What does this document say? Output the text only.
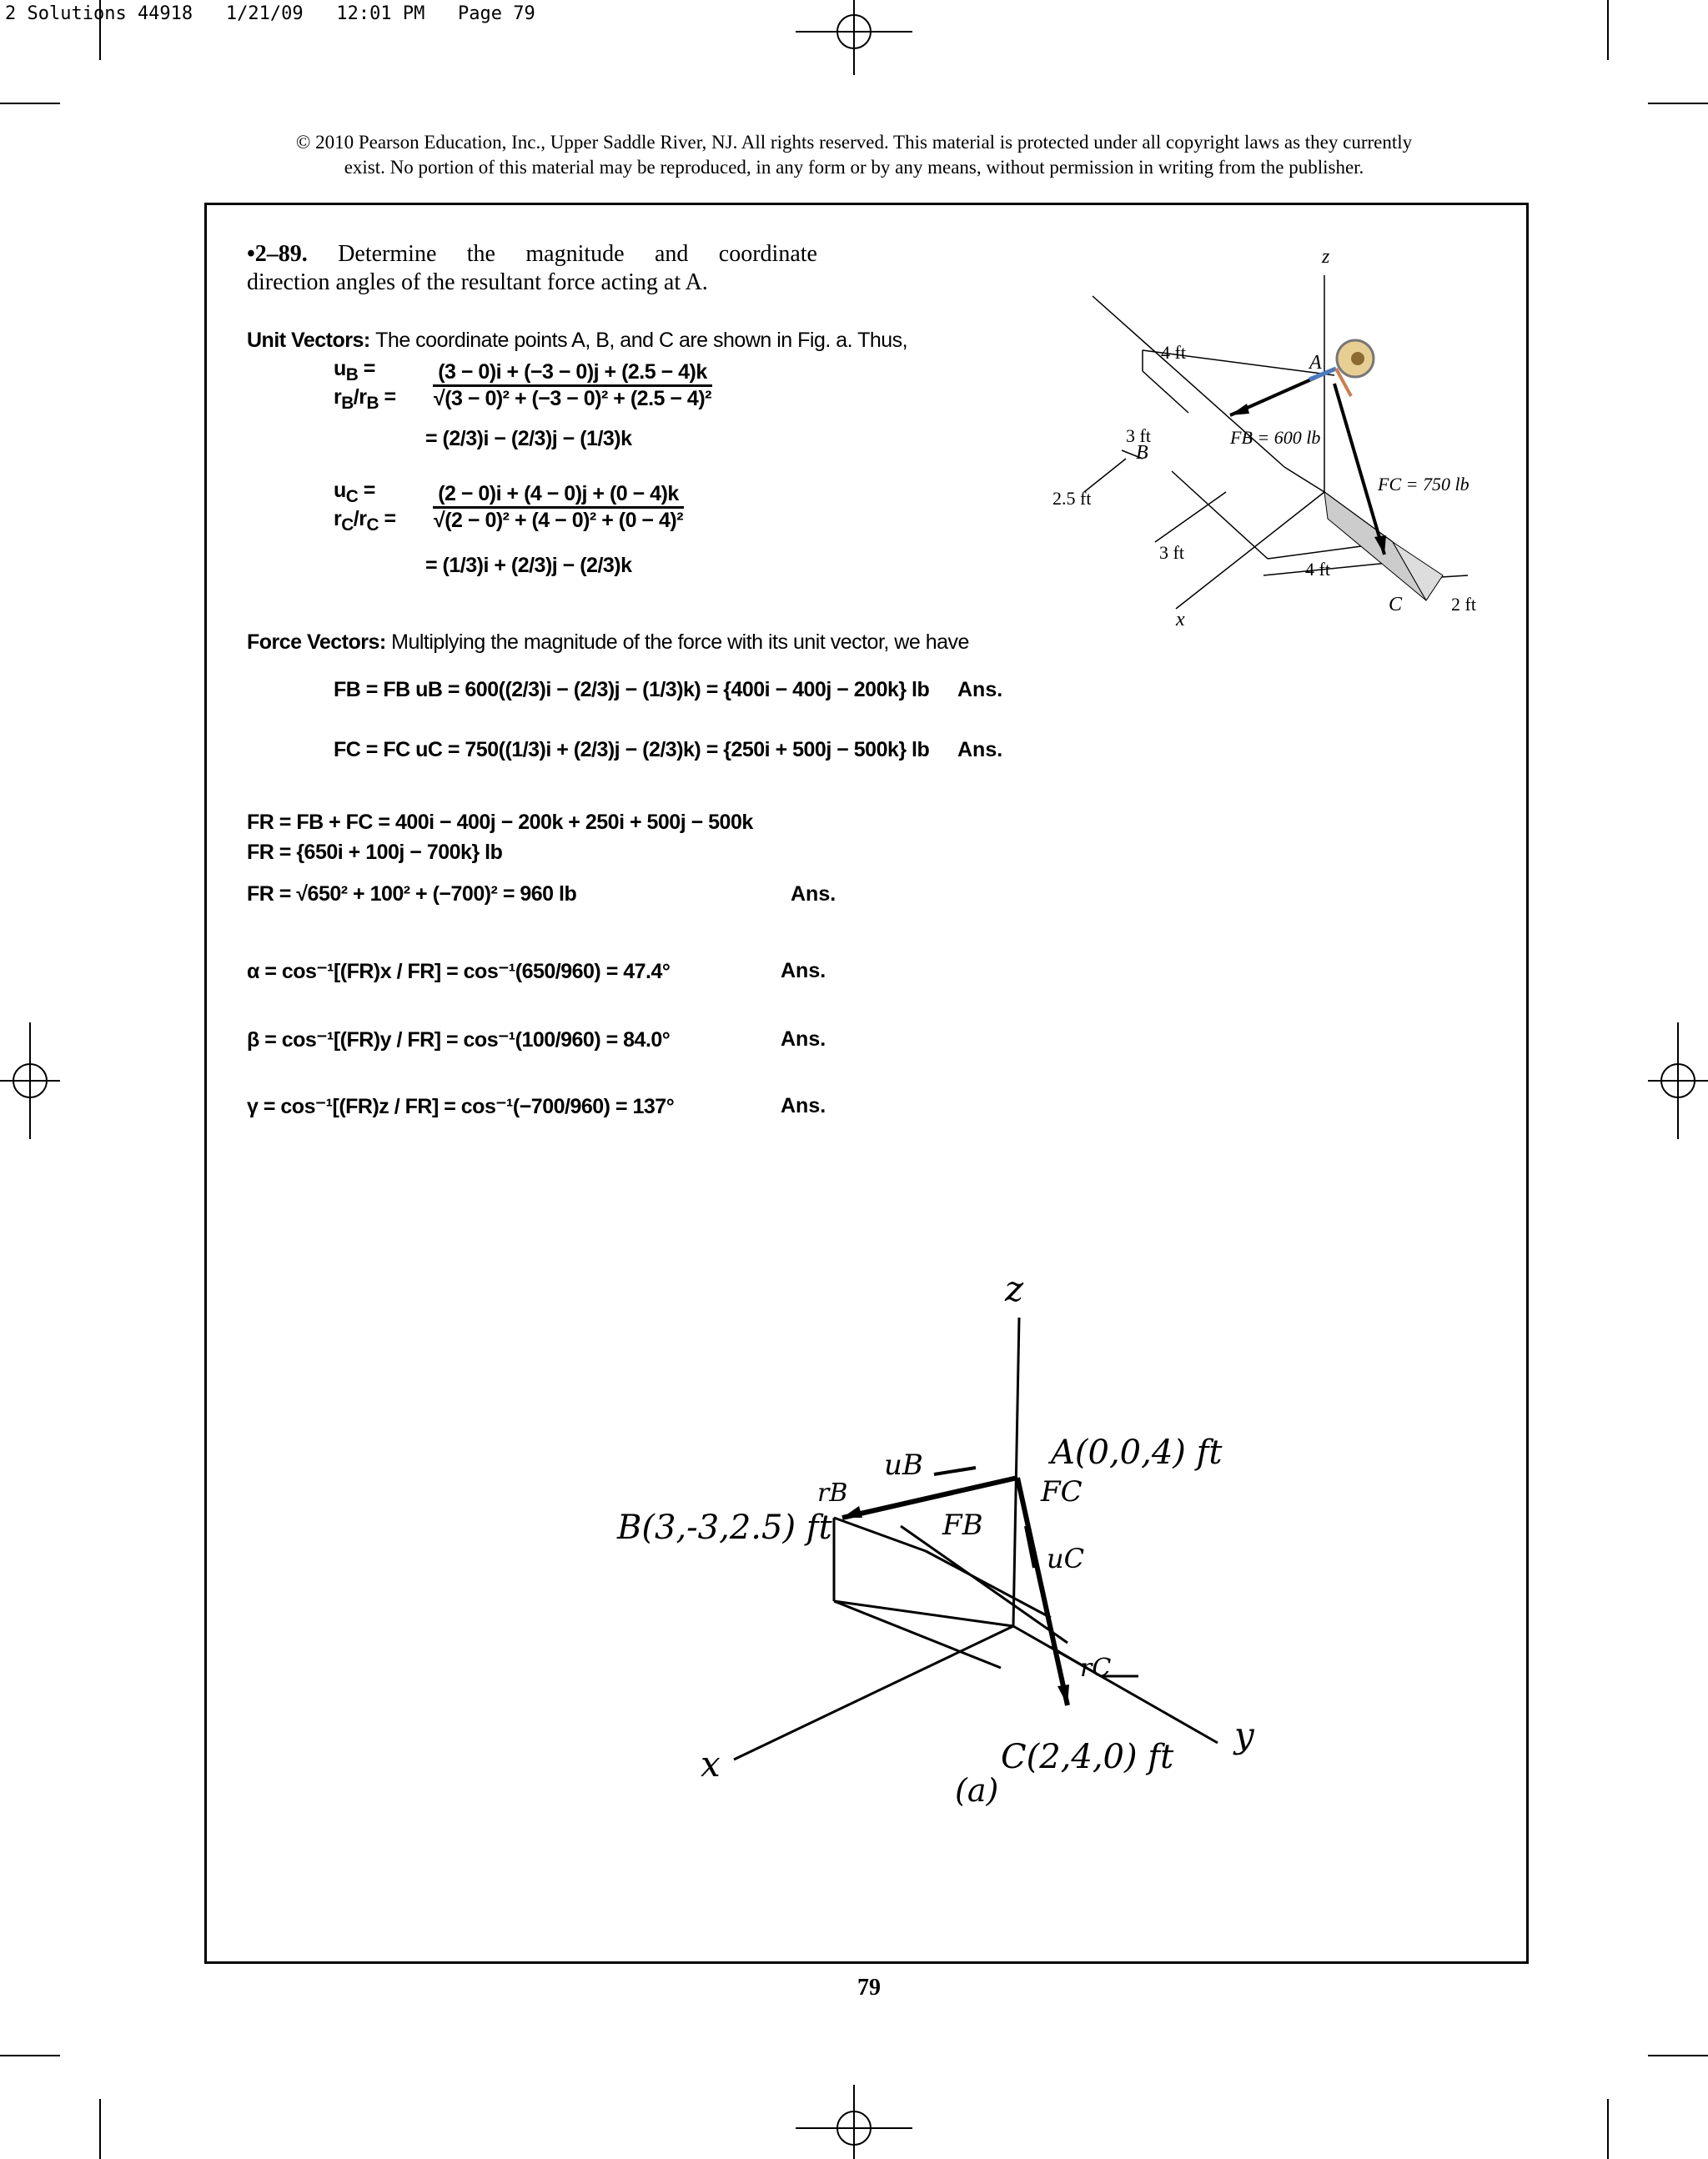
2 Solutions 44918   1/21/09   12:01 PM   Page 79
© 2010 Pearson Education, Inc., Upper Saddle River, NJ. All rights reserved. This material is protected under all copyright laws as they currently
exist. No portion of this material may be reproduced, in any form or by any means, without permission in writing from the publisher.
•2–89. Determine the magnitude and coordinate
direction angles of the resultant force acting at A.
z
x
A
B
C
4 ft
3 ft
2.5 ft
3 ft
4 ft
2 ft
FB = 600 lb
FC = 750 lb
Unit Vectors: The coordinate points A, B, and C are shown in Fig. a. Thus,
$u_B = r_B/r_B$ =	$\frac{(3 - 0)i + (-3 - 0)j + (2.5 - 4)k}{\text{√(3 − 0)² + (−3 − 0)² + (2.5 − 4)²}}$
= (2/3)i − (2/3)j − (1/3)k
$u_C = r_C/r_C$ =	$\frac{(2 - 0)i + (4 - 0)j + (0 - 4)k}{\text{√(2 − 0)² + (4 − 0)² + (0 − 4)²}}$
= (1/3)i + (2/3)j − (2/3)k
Force Vectors: Multiplying the magnitude of the force with its unit vector, we have
FB = FB uB = 600((2/3)i − (2/3)j − (1/3)k) = {400i − 400j − 200k} lb Ans.
FC = FC uC = 750((1/3)i + (2/3)j − (2/3)k) = {250i + 500j − 500k} lb Ans.
FR = FB + FC = 400i − 400j − 200k + 250i + 500j − 500k
FR = {650i + 100j − 700k} lb
FR = √650² + 100² + (−700)² = 960 lb	Ans.
α = cos⁻¹[(FR)x / FR] = cos⁻¹(650/960) = 47.4°	Ans.
β = cos⁻¹[(FR)y / FR] = cos⁻¹(100/960) = 84.0°	Ans.
γ = cos⁻¹[(FR)z / FR] = cos⁻¹(−700/960) = 137°	Ans.
z
x
y
A(0,0,4) ft
B(3,-3,2.5) ft
C(2,4,0) ft
uB
rB
FB
FC
uC
rC
(a)
79
